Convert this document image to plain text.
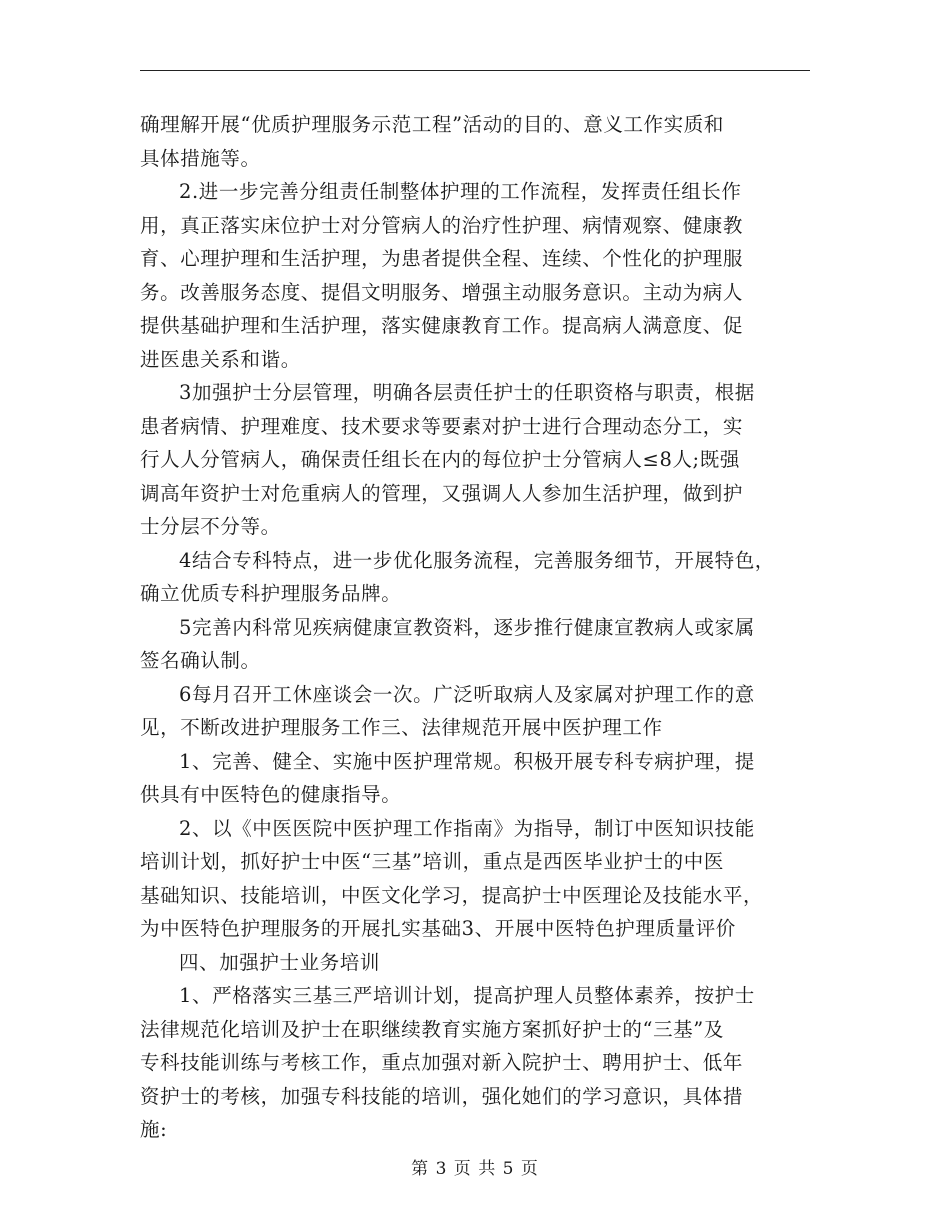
确理解开展“优质护理服务示范工程”活动的目的、意义工作实质和
具体措施等。
2.进一步完善分组责任制整体护理的工作流程，发挥责任组长作
用，真正落实床位护士对分管病人的治疗性护理、病情观察、健康教
育、心理护理和生活护理，为患者提供全程、连续、个性化的护理服
务。改善服务态度、提倡文明服务、增强主动服务意识。主动为病人
提供基础护理和生活护理，落实健康教育工作。提高病人满意度、促
进医患关系和谐。
3加强护士分层管理，明确各层责任护士的任职资格与职责，根据
患者病情、护理难度、技术要求等要素对护士进行合理动态分工，实
行人人分管病人，确保责任组长在内的每位护士分管病人≤8人;既强
调高年资护士对危重病人的管理，又强调人人参加生活护理，做到护
士分层不分等。
4结合专科特点，进一步优化服务流程，完善服务细节，开展特色，
确立优质专科护理服务品牌。
5完善内科常见疾病健康宣教资料，逐步推行健康宣教病人或家属
签名确认制。
6每月召开工休座谈会一次。广泛听取病人及家属对护理工作的意
见，不断改进护理服务工作三、法律规范开展中医护理工作
1、完善、健全、实施中医护理常规。积极开展专科专病护理，提
供具有中医特色的健康指导。
2、以《中医医院中医护理工作指南》为指导，制订中医知识技能
培训计划，抓好护士中医“三基”培训，重点是西医毕业护士的中医
基础知识、技能培训，中医文化学习，提高护士中医理论及技能水平，
为中医特色护理服务的开展扎实基础3、开展中医特色护理质量评价
四、加强护士业务培训
1、严格落实三基三严培训计划，提高护理人员整体素养，按护士
法律规范化培训及护士在职继续教育实施方案抓好护士的“三基”及
专科技能训练与考核工作，重点加强对新入院护士、聘用护士、低年
资护士的考核，加强专科技能的培训，强化她们的学习意识，具体措
施:
第 3 页 共 5 页
